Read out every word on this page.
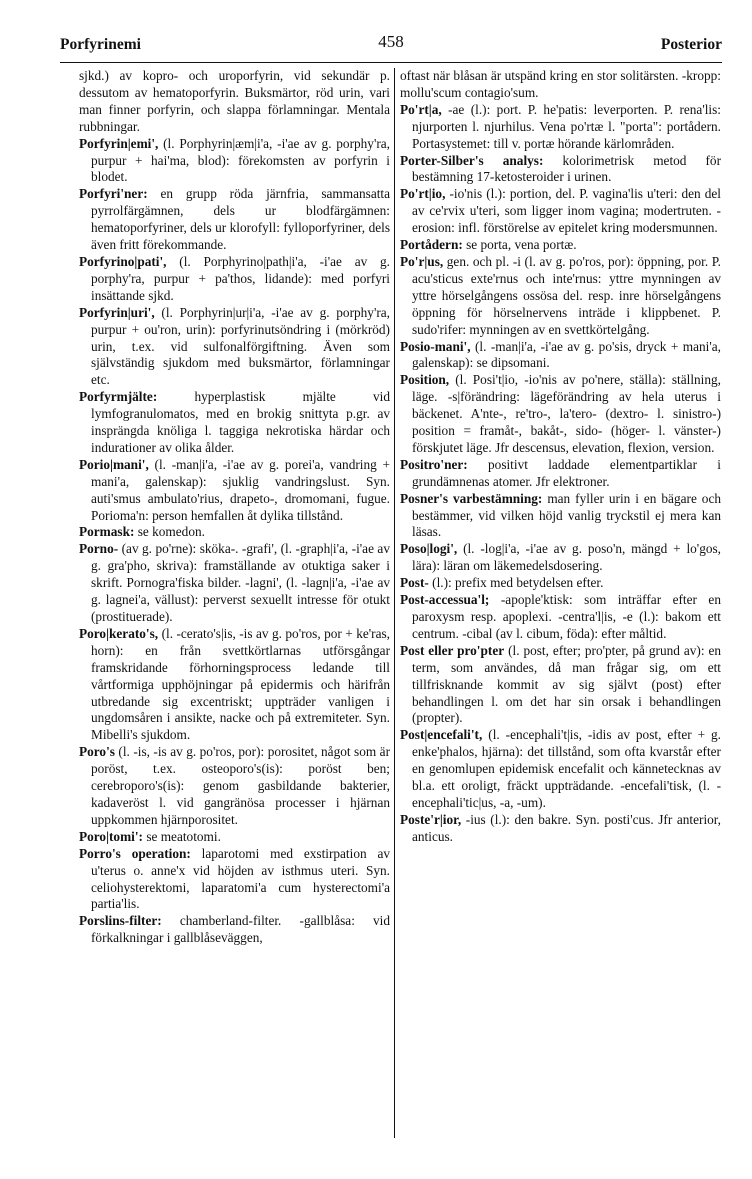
Porfyrinemi	458	Posterior

sjkd.) av kopro- och uroporfyrin, vid sekundär p. dessutom av hematoporfyrin. Buksmärtor, röd urin, vari man finner porfyrin, och slappa förlamningar. Mentala rubbningar.

Porfyrin|emi', (l. Porphyrin|æm|i'a, -i'ae av g. porphy'ra, purpur + hai'ma, blod): förekomsten av porfyrin i blodet.

Porfyri'ner: en grupp röda järnfria, sammansatta pyrrolfärgämnen, dels ur blodfärgämnen: hematoporfyriner, dels ur klorofyll: fylloporfyriner, dels även fritt förekommande.

Porfyrino|pati', (l. Porphyrino|path|i'a, -i'ae av g. porphy'ra, purpur + pa'thos, lidande): med porfyri insättande sjkd.

Porfyrin|uri', (l. Porphyrin|ur|i'a, -i'ae av g. porphy'ra, purpur + ou'ron, urin): porfyrinutsöndring i (mörkröd) urin, t.ex. vid sulfonalförgiftning. Även som självständig sjukdom med buksmärtor, förlamningar etc.

Porfyrmjälte:	hyperplastisk mjälte vid lymfogranulomatos, med en brokig snittyta p.gr. av insprängda knöliga l. taggiga nekrotiska härdar och indurationer av olika ålder.

Porio|mani', (l. -man|i'a, -i'ae av g. porei'a, vandring + mani'a, galenskap): sjuklig vandringslust. Syn. auti'smus ambulato'rius, drapeto-, dromomani, fugue. Porioma'n: person hemfallen åt dylika tillstånd.

Pormask: se komedon.

Porno- (av g. po'rne): sköka-. -grafi', (l. -graph|i'a, -i'ae av g. gra'pho, skriva): framställande av otuktiga saker i skrift. Pornogra'fiska bilder. -lagni', (l. -lagn|i'a, -i'ae av g. lagnei'a, vällust): perverst sexuellt intresse för otukt (prostituerade).

Poro|kerato's, (l. -cerato's|is, -is av g. po'ros, por + ke'ras, horn): en från svettkörtlarnas utförsgångar framskridande förhorningsprocess ledande till vårtformiga upphöjningar på epidermis och härifrån utbredande sig excentriskt; uppträder vanligen i ungdomsåren i ansikte, nacke och på extremiteter. Syn. Mibelli's sjukdom.

Poro's (l. -is, -is av g. po'ros, por): porositet, något som är poröst, t.ex. osteoporo's(is): poröst ben; cerebroporo's(is): genom gasbildande bakterier, kadaveröst l. vid gangränösa processer i hjärnan uppkommen hjärnporositet.

Poro|tomi': se meatotomi.

Porro's operation: laparotomi med exstirpation av u'terus o. anne'x vid höjden av isthmus uteri. Syn. celiohysterektomi, laparatomi'a cum hysterectomi'a partia'lis.

Porslins-filter: chamberland-filter. -gallblåsa: vid förkalkningar i gallblåseväggen,

oftast när blåsan är utspänd kring en stor solitärsten. -kropp: mollu'scum contagio'sum.

Po'rt|a, -ae (l.): port. P. he'patis: leverporten. P. rena'lis: njurporten l. njurhilus. Vena po'rtæ l. "porta": portådern. Portasystemet: till v. portæ hörande kärlområden.

Porter-Silber's analys: kolorimetrisk metod för bestämning 17-ketosteroider i urinen.

Po'rt|io, -io'nis (l.): portion, del. P. vagina'lis u'teri: den del av ce'rvix u'teri, som ligger inom vagina; modertruten. -erosion: infl. förstörelse av epitelet kring modersmunnen.

Portådern: se porta, vena portæ.

Po'r|us, gen. och pl. -i (l. av g. po'ros, por): öppning, por. P. acu'sticus exte'rnus och inte'rnus: yttre mynningen av yttre hörselgångens ossösa del. resp. inre hörselgångens öppning för hörselnervens inträde i klippbenet. P. sudo'rifer: mynningen av en svettkörtelgång.

Posio-mani', (l. -man|i'a, -i'ae av g. po'sis, dryck + mani'a, galenskap): se dipsomani.

Position, (l. Posi't|io, -io'nis av po'nere, ställa): ställning, läge. -s|förändring: lägeförändring av hela uterus i bäckenet. A'nte-, re'tro-, la'tero- (dextro- l. sinistro-) position = framåt-, bakåt-, sido- (höger- l. vänster-) förskjutet läge. Jfr descensus, elevation, flexion, version.

Positro'ner: positivt laddade elementpartiklar i grundämnenas atomer. Jfr elektroner.

Posner's varbestämning: man fyller urin i en bägare och bestämmer, vid vilken höjd vanlig tryckstil ej mera kan läsas.

Poso|logi', (l. -log|i'a, -i'ae av g. poso'n, mängd + lo'gos, lära): läran om läkemedelsdosering.

Post- (l.): prefix med betydelsen efter.

Post-accessua'l; -apople'ktisk: som inträffar efter en paroxysm resp. apoplexi. -centra'l|is, -e (l.): bakom ett centrum. -cibal (av l. cibum, föda): efter måltid.

Post eller pro'pter (l. post, efter; pro'pter, på grund av): en term, som användes, då man frågar sig, om ett tillfrisknande kommit av sig självt (post) efter behandlingen l. om det har sin orsak i behandlingen (propter).

Post|encefali't, (l. -encephali't|is, -idis av post, efter + g. enke'phalos, hjärna): det tillstånd, som ofta kvarstår efter en genomlupen epidemisk encefalit och kännetecknas av bl.a. ett oroligt, fräckt uppträdande. -encefali'tisk, (l. -encephali'tic|us, -a, -um).

Poste'r|ior, -ius (l.): den bakre. Syn. posti'cus. Jfr anterior, anticus.
